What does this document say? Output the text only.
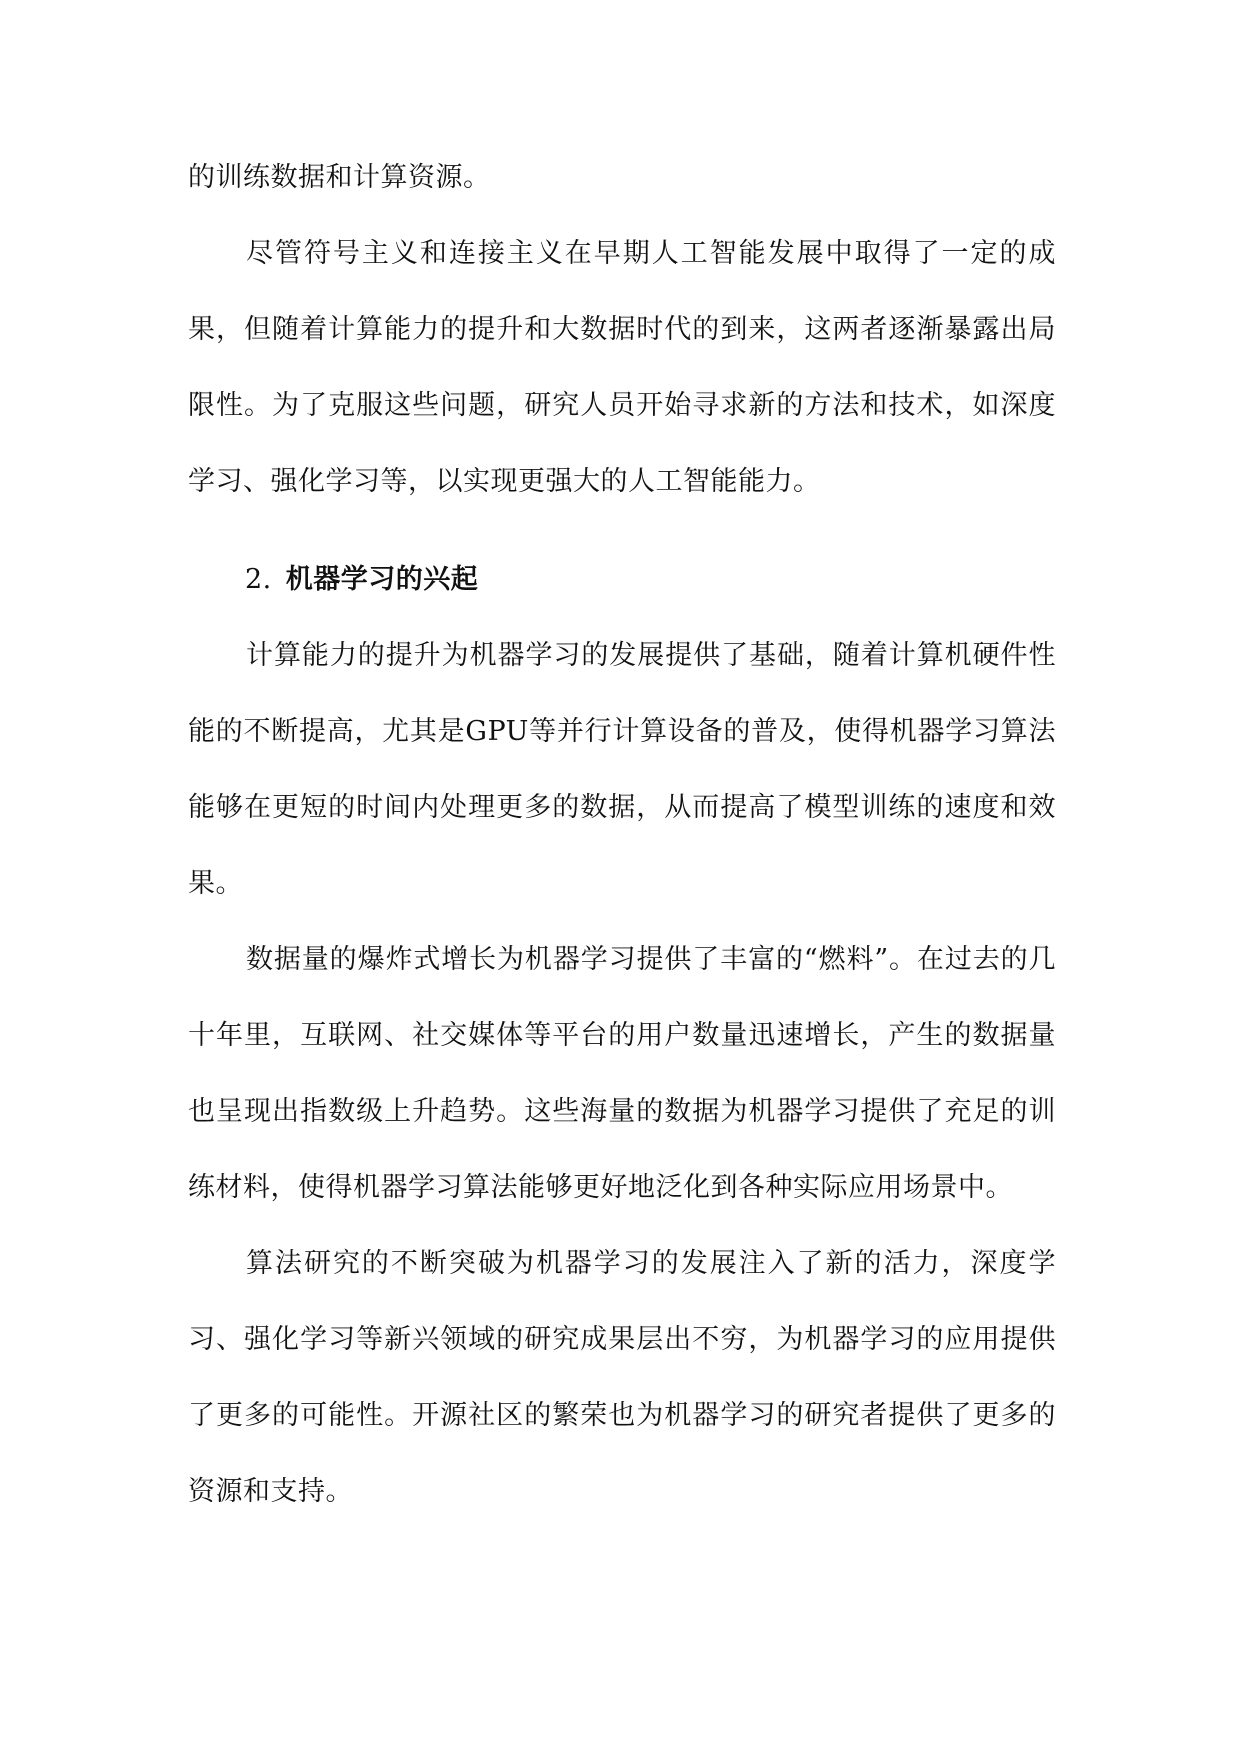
的训练数据和计算资源。

尽管符号主义和连接主义在早期人工智能发展中取得了一定的成果，但随着计算能力的提升和大数据时代的到来，这两者逐渐暴露出局限性。为了克服这些问题，研究人员开始寻求新的方法和技术，如深度学习、强化学习等，以实现更强大的人工智能能力。

2. 机器学习的兴起

计算能力的提升为机器学习的发展提供了基础，随着计算机硬件性能的不断提高，尤其是GPU等并行计算设备的普及，使得机器学习算法能够在更短的时间内处理更多的数据，从而提高了模型训练的速度和效果。

数据量的爆炸式增长为机器学习提供了丰富的“燃料”。在过去的几十年里，互联网、社交媒体等平台的用户数量迅速增长，产生的数据量也呈现出指数级上升趋势。这些海量的数据为机器学习提供了充足的训练材料，使得机器学习算法能够更好地泛化到各种实际应用场景中。

算法研究的不断突破为机器学习的发展注入了新的活力，深度学习、强化学习等新兴领域的研究成果层出不穷，为机器学习的应用提供了更多的可能性。开源社区的繁荣也为机器学习的研究者提供了更多的资源和支持。
